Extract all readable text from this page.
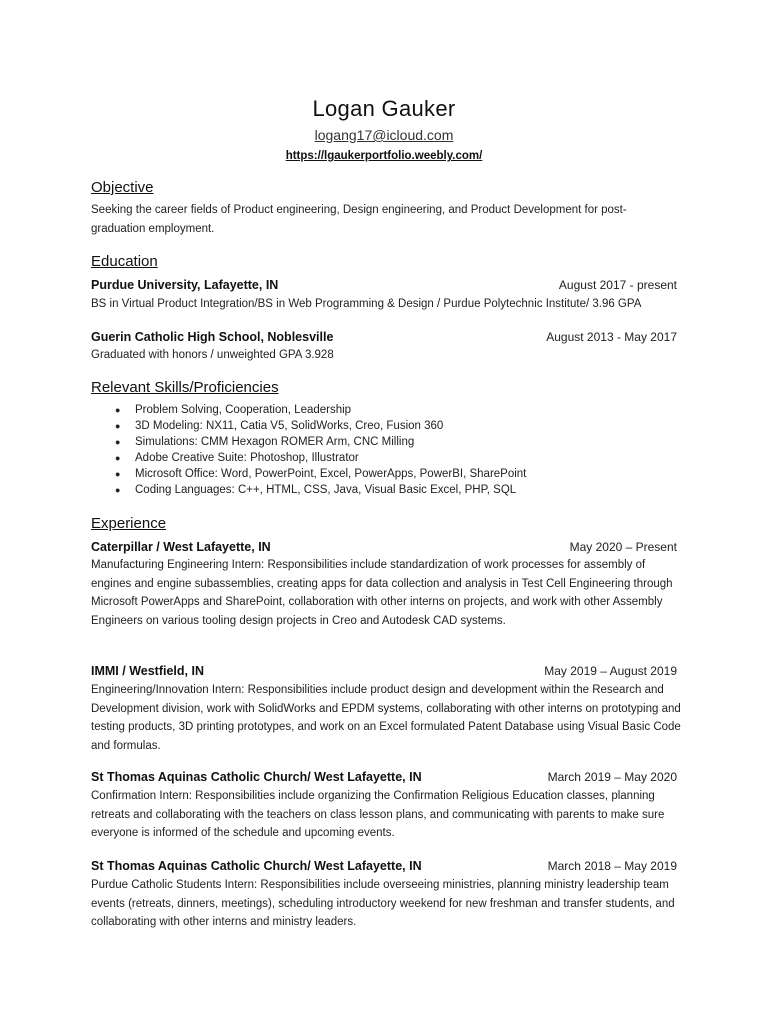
Logan Gauker
logang17@icloud.com
https://lgaukerportfolio.weebly.com/
Objective

Seeking the career fields of Product engineering, Design engineering, and Product Development for post-graduation employment.

Education
Purdue University, Lafayette, IN	August 2017 - present

BS in Virtual Product Integration/BS in Web Programming & Design / Purdue Polytechnic Institute/ 3.96 GPA

Guerin Catholic High School, Noblesville	August 2013 - May 2017

Graduated with honors / unweighted GPA 3.928

Relevant Skills/Proficiencies
● Problem Solving, Cooperation, Leadership
● 3D Modeling: NX11, Catia V5, SolidWorks, Creo, Fusion 360
● Simulations: CMM Hexagon ROMER Arm, CNC Milling
● Adobe Creative Suite: Photoshop, Illustrator
● Microsoft Office: Word, PowerPoint, Excel, PowerApps, PowerBI, SharePoint
● Coding Languages: C++, HTML, CSS, Java, Visual Basic Excel, PHP, SQL
Experience
Caterpillar / West Lafayette, IN	May 2020 – Present

Manufacturing Engineering Intern: Responsibilities include standardization of work processes for assembly of engines and engine subassemblies, creating apps for data collection and analysis in Test Cell Engineering through Microsoft PowerApps and SharePoint, collaboration with other interns on projects, and work with other Assembly Engineers on various tooling design projects in Creo and Autodesk CAD systems.

IMMI / Westfield, IN	May 2019 – August 2019

Engineering/Innovation Intern: Responsibilities include product design and development within the Research and Development division, work with SolidWorks and EPDM systems, collaborating with other interns on prototyping and testing products, 3D printing prototypes, and work on an Excel formulated Patent Database using Visual Basic Code and formulas.

St Thomas Aquinas Catholic Church/ West Lafayette, IN	March 2019 – May 2020

Confirmation Intern: Responsibilities include organizing the Confirmation Religious Education classes, planning retreats and collaborating with the teachers on class lesson plans, and communicating with parents to make sure everyone is informed of the schedule and upcoming events.

St Thomas Aquinas Catholic Church/ West Lafayette, IN	March 2018 – May 2019

Purdue Catholic Students Intern: Responsibilities include overseeing ministries, planning ministry leadership team events (retreats, dinners, meetings), scheduling introductory weekend for new freshman and transfer students, and collaborating with other interns and ministry leaders.
